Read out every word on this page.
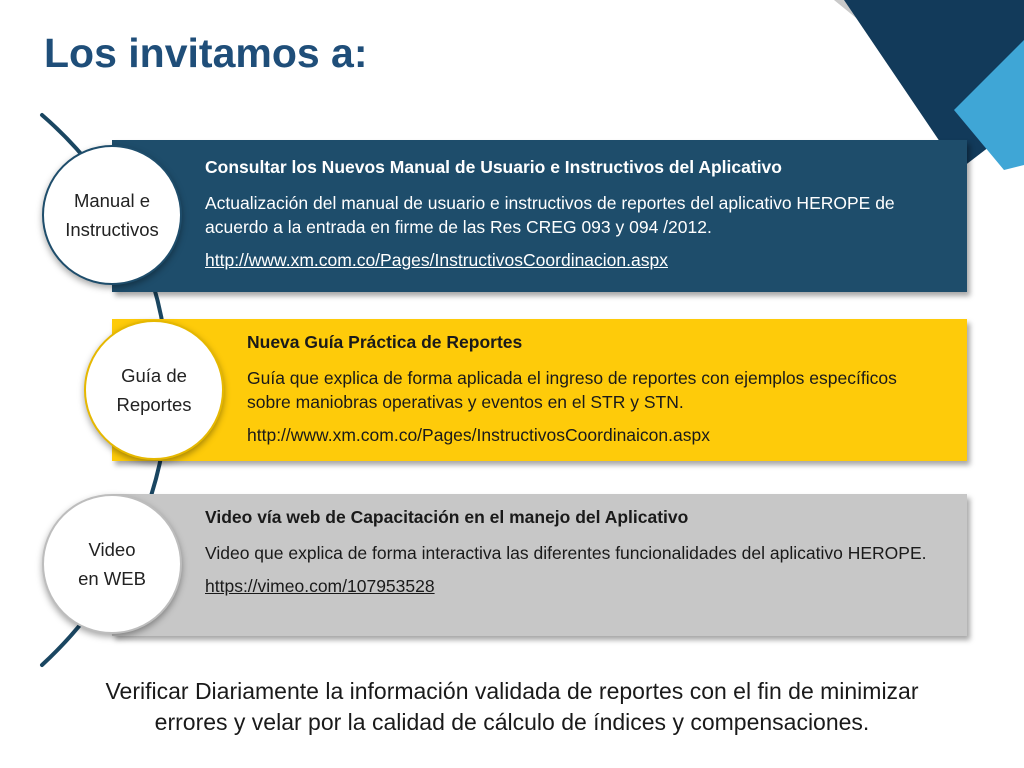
Los invitamos a:

Consultar los Nuevos Manual de Usuario e Instructivos del Aplicativo

Actualización del manual de usuario e instructivos de reportes del aplicativo HEROPE de acuerdo a la entrada en firme de las Res CREG 093 y 094 /2012.

http://www.xm.com.co/Pages/InstructivosCoordinacion.aspx

Nueva Guía Práctica de Reportes

Guía que explica de forma aplicada el ingreso de reportes con ejemplos específicos sobre maniobras operativas y eventos en el STR y STN.

http://www.xm.com.co/Pages/InstructivosCoordinaicon.aspx

Video vía web de Capacitación en el manejo del Aplicativo

Video que explica de forma interactiva las diferentes funcionalidades del aplicativo HEROPE.

https://vimeo.com/107953528
Manual e
Instructivos
Guía de
Reportes
Video
en WEB

Verificar Diariamente la información validada de reportes con el fin de minimizar
errores y velar por la calidad de cálculo de índices y compensaciones.
